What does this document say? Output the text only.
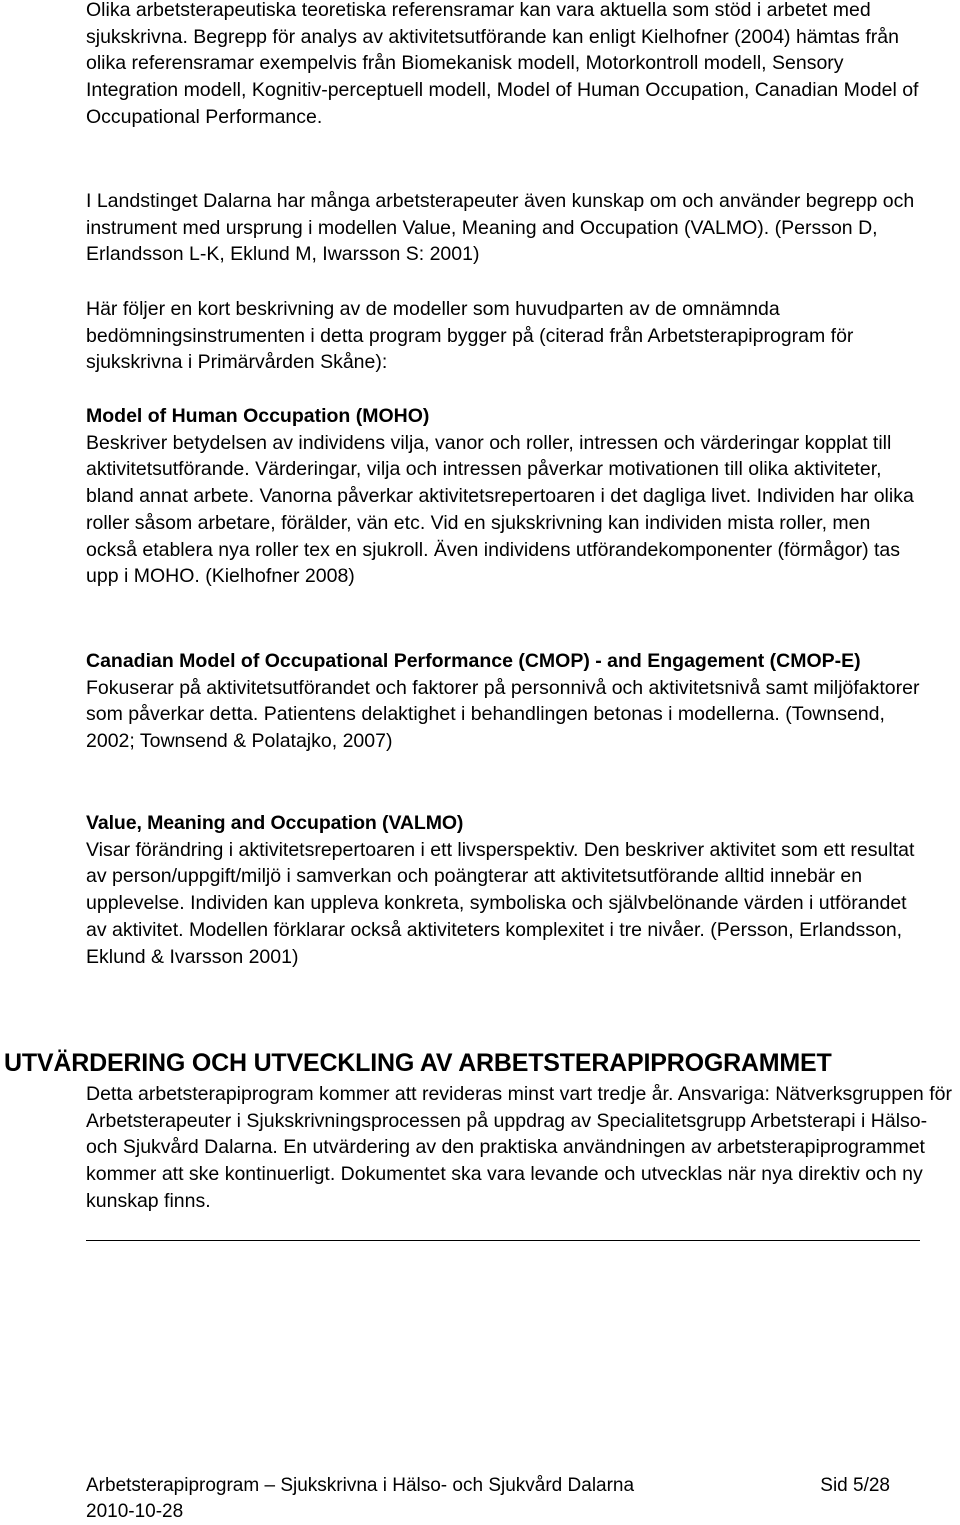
Olika arbetsterapeutiska teoretiska referensramar kan vara aktuella som stöd i arbetet med sjukskrivna. Begrepp för analys av aktivitetsutförande kan enligt Kielhofner (2004) hämtas från olika referensramar exempelvis från Biomekanisk modell, Motorkontroll modell, Sensory Integration modell, Kognitiv-perceptuell modell, Model of Human Occupation, Canadian Model of Occupational Performance.

I Landstinget Dalarna har många arbetsterapeuter även kunskap om och använder begrepp och instrument med ursprung i modellen Value, Meaning and Occupation (VALMO). (Persson D, Erlandsson L-K, Eklund M, Iwarsson S: 2001)

Här följer en kort beskrivning av de modeller som huvudparten av de omnämnda bedömningsinstrumenten i detta program bygger på (citerad från Arbetsterapiprogram för sjukskrivna i Primärvården Skåne):

Model of Human Occupation (MOHO)
Beskriver betydelsen av individens vilja, vanor och roller, intressen och värderingar kopplat till aktivitetsutförande. Värderingar, vilja och intressen påverkar motivationen till olika aktiviteter, bland annat arbete. Vanorna påverkar aktivitetsrepertoaren i det dagliga livet. Individen har olika roller såsom arbetare, förälder, vän etc. Vid en sjukskrivning kan individen mista roller, men också etablera nya roller tex en sjukroll. Även individens utförandekomponenter (förmågor) tas upp i MOHO. (Kielhofner 2008)
Canadian Model of Occupational Performance (CMOP) - and Engagement (CMOP-E)
Fokuserar på aktivitetsutförandet och faktorer på personnivå och aktivitetsnivå samt miljöfaktorer som påverkar detta. Patientens delaktighet i behandlingen betonas i modellerna. (Townsend, 2002; Townsend & Polatajko, 2007)
Value, Meaning and Occupation (VALMO)
Visar förändring i aktivitetsrepertoaren i ett livsperspektiv. Den beskriver aktivitet som ett resultat av person/uppgift/miljö i samverkan och poängterar att aktivitetsutförande alltid innebär en upplevelse. Individen kan uppleva konkreta, symboliska och självbelönande värden i utförandet av aktivitet. Modellen förklarar också aktiviteters komplexitet i tre nivåer. (Persson, Erlandsson, Eklund & Ivarsson 2001)
UTVÄRDERING OCH UTVECKLING AV ARBETSTERAPIPROGRAMMET

Detta arbetsterapiprogram kommer att revideras minst vart tredje år. Ansvariga: Nätverksgruppen för Arbetsterapeuter i Sjukskrivningsprocessen på uppdrag av Specialitetsgrupp Arbetsterapi i Hälso- och Sjukvård Dalarna. En utvärdering av den praktiska användningen av arbetsterapiprogrammet kommer att ske kontinuerligt. Dokumentet ska vara levande och utvecklas när nya direktiv och ny kunskap finns.

Arbetsterapiprogram – Sjukskrivna i Hälso- och Sjukvård Dalarna	Sid 5/28
2010-10-28
